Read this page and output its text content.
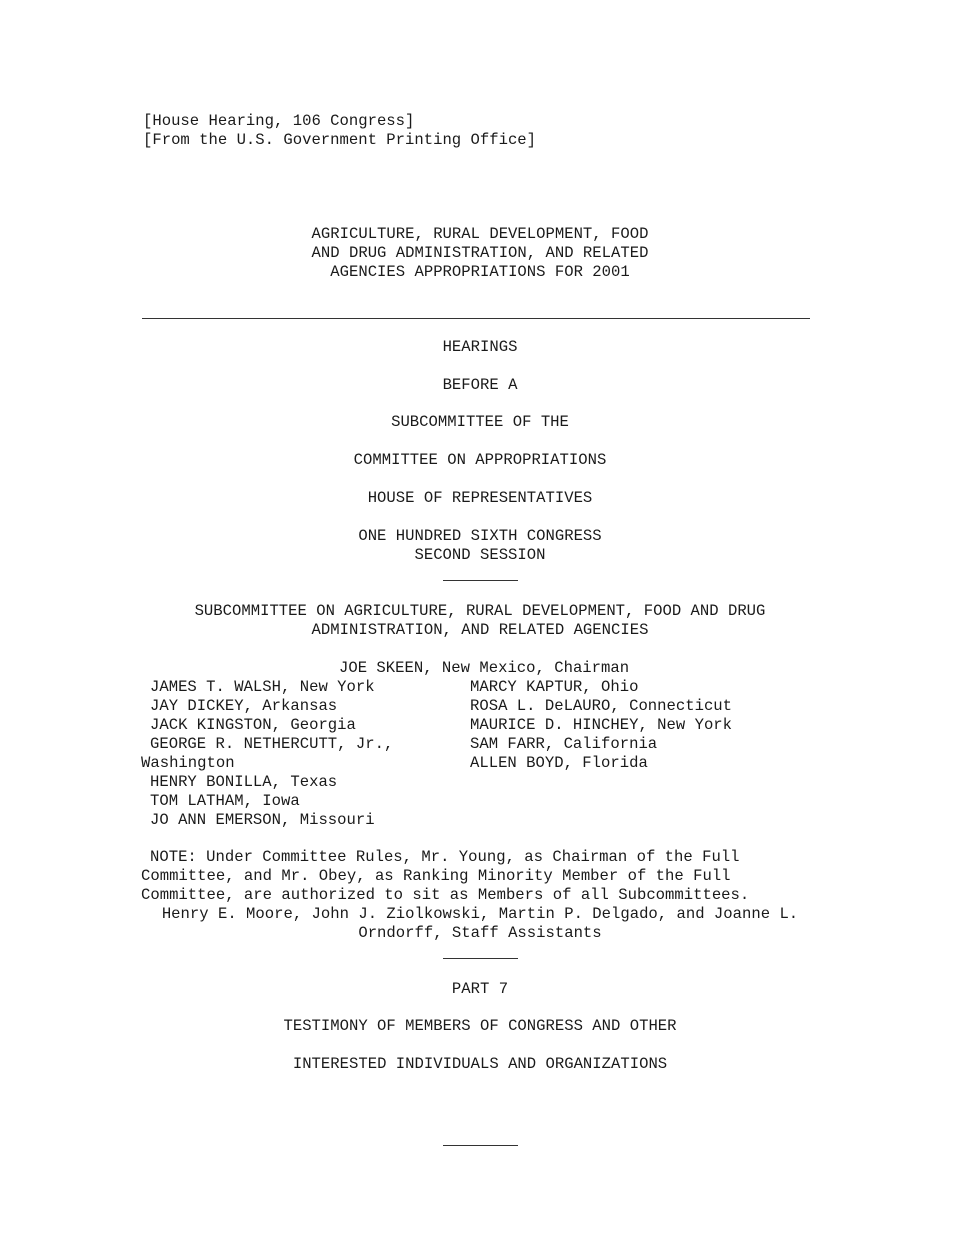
[House Hearing, 106 Congress]
[From the U.S. Government Printing Office]
AGRICULTURE, RURAL DEVELOPMENT, FOOD
AND DRUG ADMINISTRATION, AND RELATED
AGENCIES APPROPRIATIONS FOR 2001
HEARINGS
BEFORE A
SUBCOMMITTEE OF THE
COMMITTEE ON APPROPRIATIONS
HOUSE OF REPRESENTATIVES
ONE HUNDRED SIXTH CONGRESS
SECOND SESSION
SUBCOMMITTEE ON AGRICULTURE, RURAL DEVELOPMENT, FOOD AND DRUG
ADMINISTRATION, AND RELATED AGENCIES
JOE SKEEN, New Mexico, Chairman
JAMES T. WALSH, New York
JAY DICKEY, Arkansas
JACK KINGSTON, Georgia
GEORGE R. NETHERCUTT, Jr.,
Washington
HENRY BONILLA, Texas
TOM LATHAM, Iowa
JO ANN EMERSON, Missouri
MARCY KAPTUR, Ohio
ROSA L. DeLAURO, Connecticut
MAURICE D. HINCHEY, New York
SAM FARR, California
ALLEN BOYD, Florida
NOTE: Under Committee Rules, Mr. Young, as Chairman of the Full
Committee, and Mr. Obey, as Ranking Minority Member of the Full
Committee, are authorized to sit as Members of all Subcommittees.
Henry E. Moore, John J. Ziolkowski, Martin P. Delgado, and Joanne L.
Orndorff, Staff Assistants
PART 7
TESTIMONY OF MEMBERS OF CONGRESS AND OTHER
INTERESTED INDIVIDUALS AND ORGANIZATIONS
